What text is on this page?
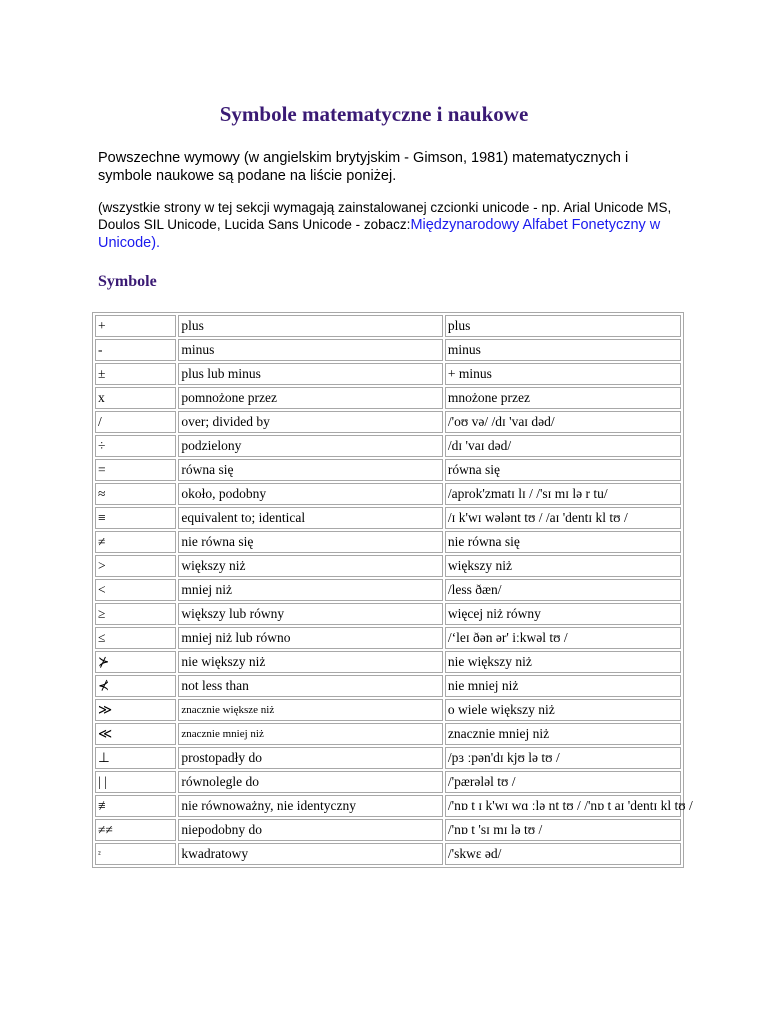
Symbole matematyczne i naukowe

Powszechne wymowy (w angielskim brytyjskim - Gimson, 1981) matematycznych i symbole naukowe są podane na liście poniżej.

(wszystkie strony w tej sekcji wymagają zainstalowanej czcionki unicode - np. Arial Unicode MS, Doulos SIL Unicode, Lucida Sans Unicode - zobacz:Międzynarodowy Alfabet Fonetyczny w Unicode).

Symbole
+	plus	plus
-	minus	minus
±	plus lub minus	+ minus
x	pomnożone przez	mnożone przez
/	over; divided by	/'oʊ və/ /dɪ 'vaɪ dəd/
÷	podzielony	/dɪ 'vaɪ dəd/
=	równa się	równa się
≈	około, podobny	/aprok'zmatɪ lɪ / /'sɪ mɪ lə r tu/
≡	equivalent to; identical	/ɪ k'wɪ wələnt tʊ / /aɪ 'dentɪ kl tʊ /
≠	nie równa się	nie równa się
>	większy niż	większy niż
<	mniej niż	/less ðæn/
≥	większy lub równy	więcej niż równy
≤	mniej niż lub równo	/‘leɪ ðən ər' iːkwəl tʊ /
⊁	nie większy niż	nie większy niż
⊀	not less than	nie mniej niż
≫	znacznie większe niż	o wiele większy niż
≪	znacznie mniej niż	znacznie mniej niż
⊥	prostopadły do	/pɜ ːpən'dɪ kjʊ lə tʊ /
| |	równolegle do	/'pærələl tʊ /
≢	nie równoważny, nie identyczny	/'nɒ t ɪ k'wɪ wɑ ːlə nt tʊ / /'nɒ t aɪ 'dentɪ kl tʊ /
≠≠	niepodobny do	/'nɒ t 'sɪ mɪ lə tʊ /
²	kwadratowy	/'skwɛ əd/
